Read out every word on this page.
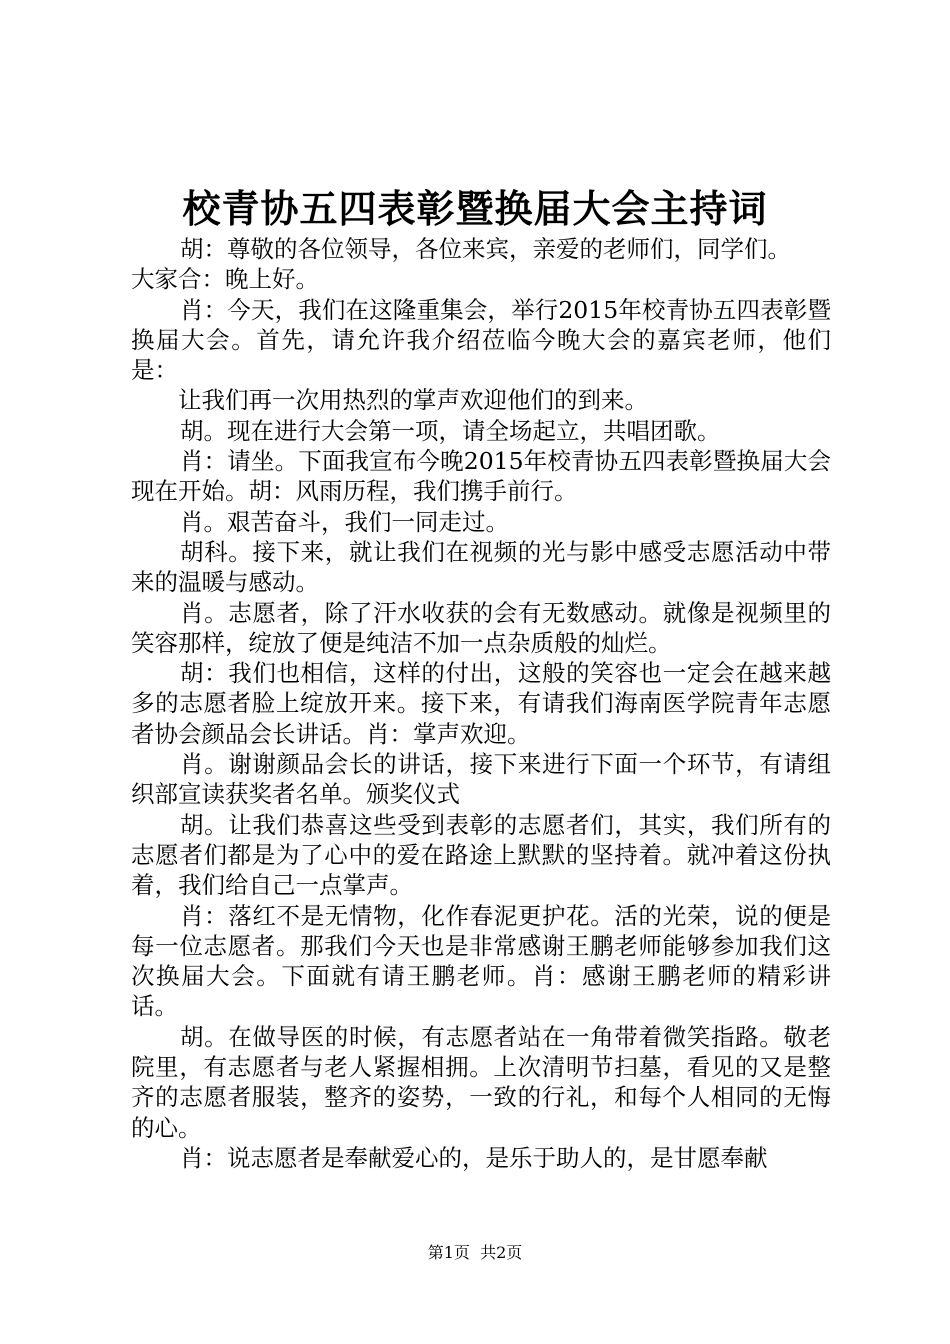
校青协五四表彰暨换届大会主持词

胡：尊敬的各位领导，各位来宾，亲爱的老师们，同学们。

大家合：晚上好。

肖：今天，我们在这隆重集会，举行2015年校青协五四表彰暨换届大会。首先，请允许我介绍莅临今晚大会的嘉宾老师，他们是：

让我们再一次用热烈的掌声欢迎他们的到来。

胡。现在进行大会第一项，请全场起立，共唱团歌。

肖：请坐。下面我宣布今晚2015年校青协五四表彰暨换届大会现在开始。胡：风雨历程，我们携手前行。

肖。艰苦奋斗，我们一同走过。

胡科。接下来，就让我们在视频的光与影中感受志愿活动中带来的温暖与感动。

肖。志愿者，除了汗水收获的会有无数感动。就像是视频里的笑容那样，绽放了便是纯洁不加一点杂质般的灿烂。

胡：我们也相信，这样的付出，这般的笑容也一定会在越来越多的志愿者脸上绽放开来。接下来，有请我们海南医学院青年志愿者协会颜品会长讲话。肖：掌声欢迎。

肖。谢谢颜品会长的讲话，接下来进行下面一个环节，有请组织部宣读获奖者名单。颁奖仪式

胡。让我们恭喜这些受到表彰的志愿者们，其实，我们所有的志愿者们都是为了心中的爱在路途上默默的坚持着。就冲着这份执着，我们给自己一点掌声。

肖：落红不是无情物，化作春泥更护花。活的光荣，说的便是每一位志愿者。那我们今天也是非常感谢王鹏老师能够参加我们这次换届大会。下面就有请王鹏老师。肖：感谢王鹏老师的精彩讲话。

胡。在做导医的时候，有志愿者站在一角带着微笑指路。敬老院里，有志愿者与老人紧握相拥。上次清明节扫墓，看见的又是整齐的志愿者服装，整齐的姿势，一致的行礼，和每个人相同的无悔的心。

肖：说志愿者是奉献爱心的，是乐于助人的，是甘愿奉献

第1页  共2页
